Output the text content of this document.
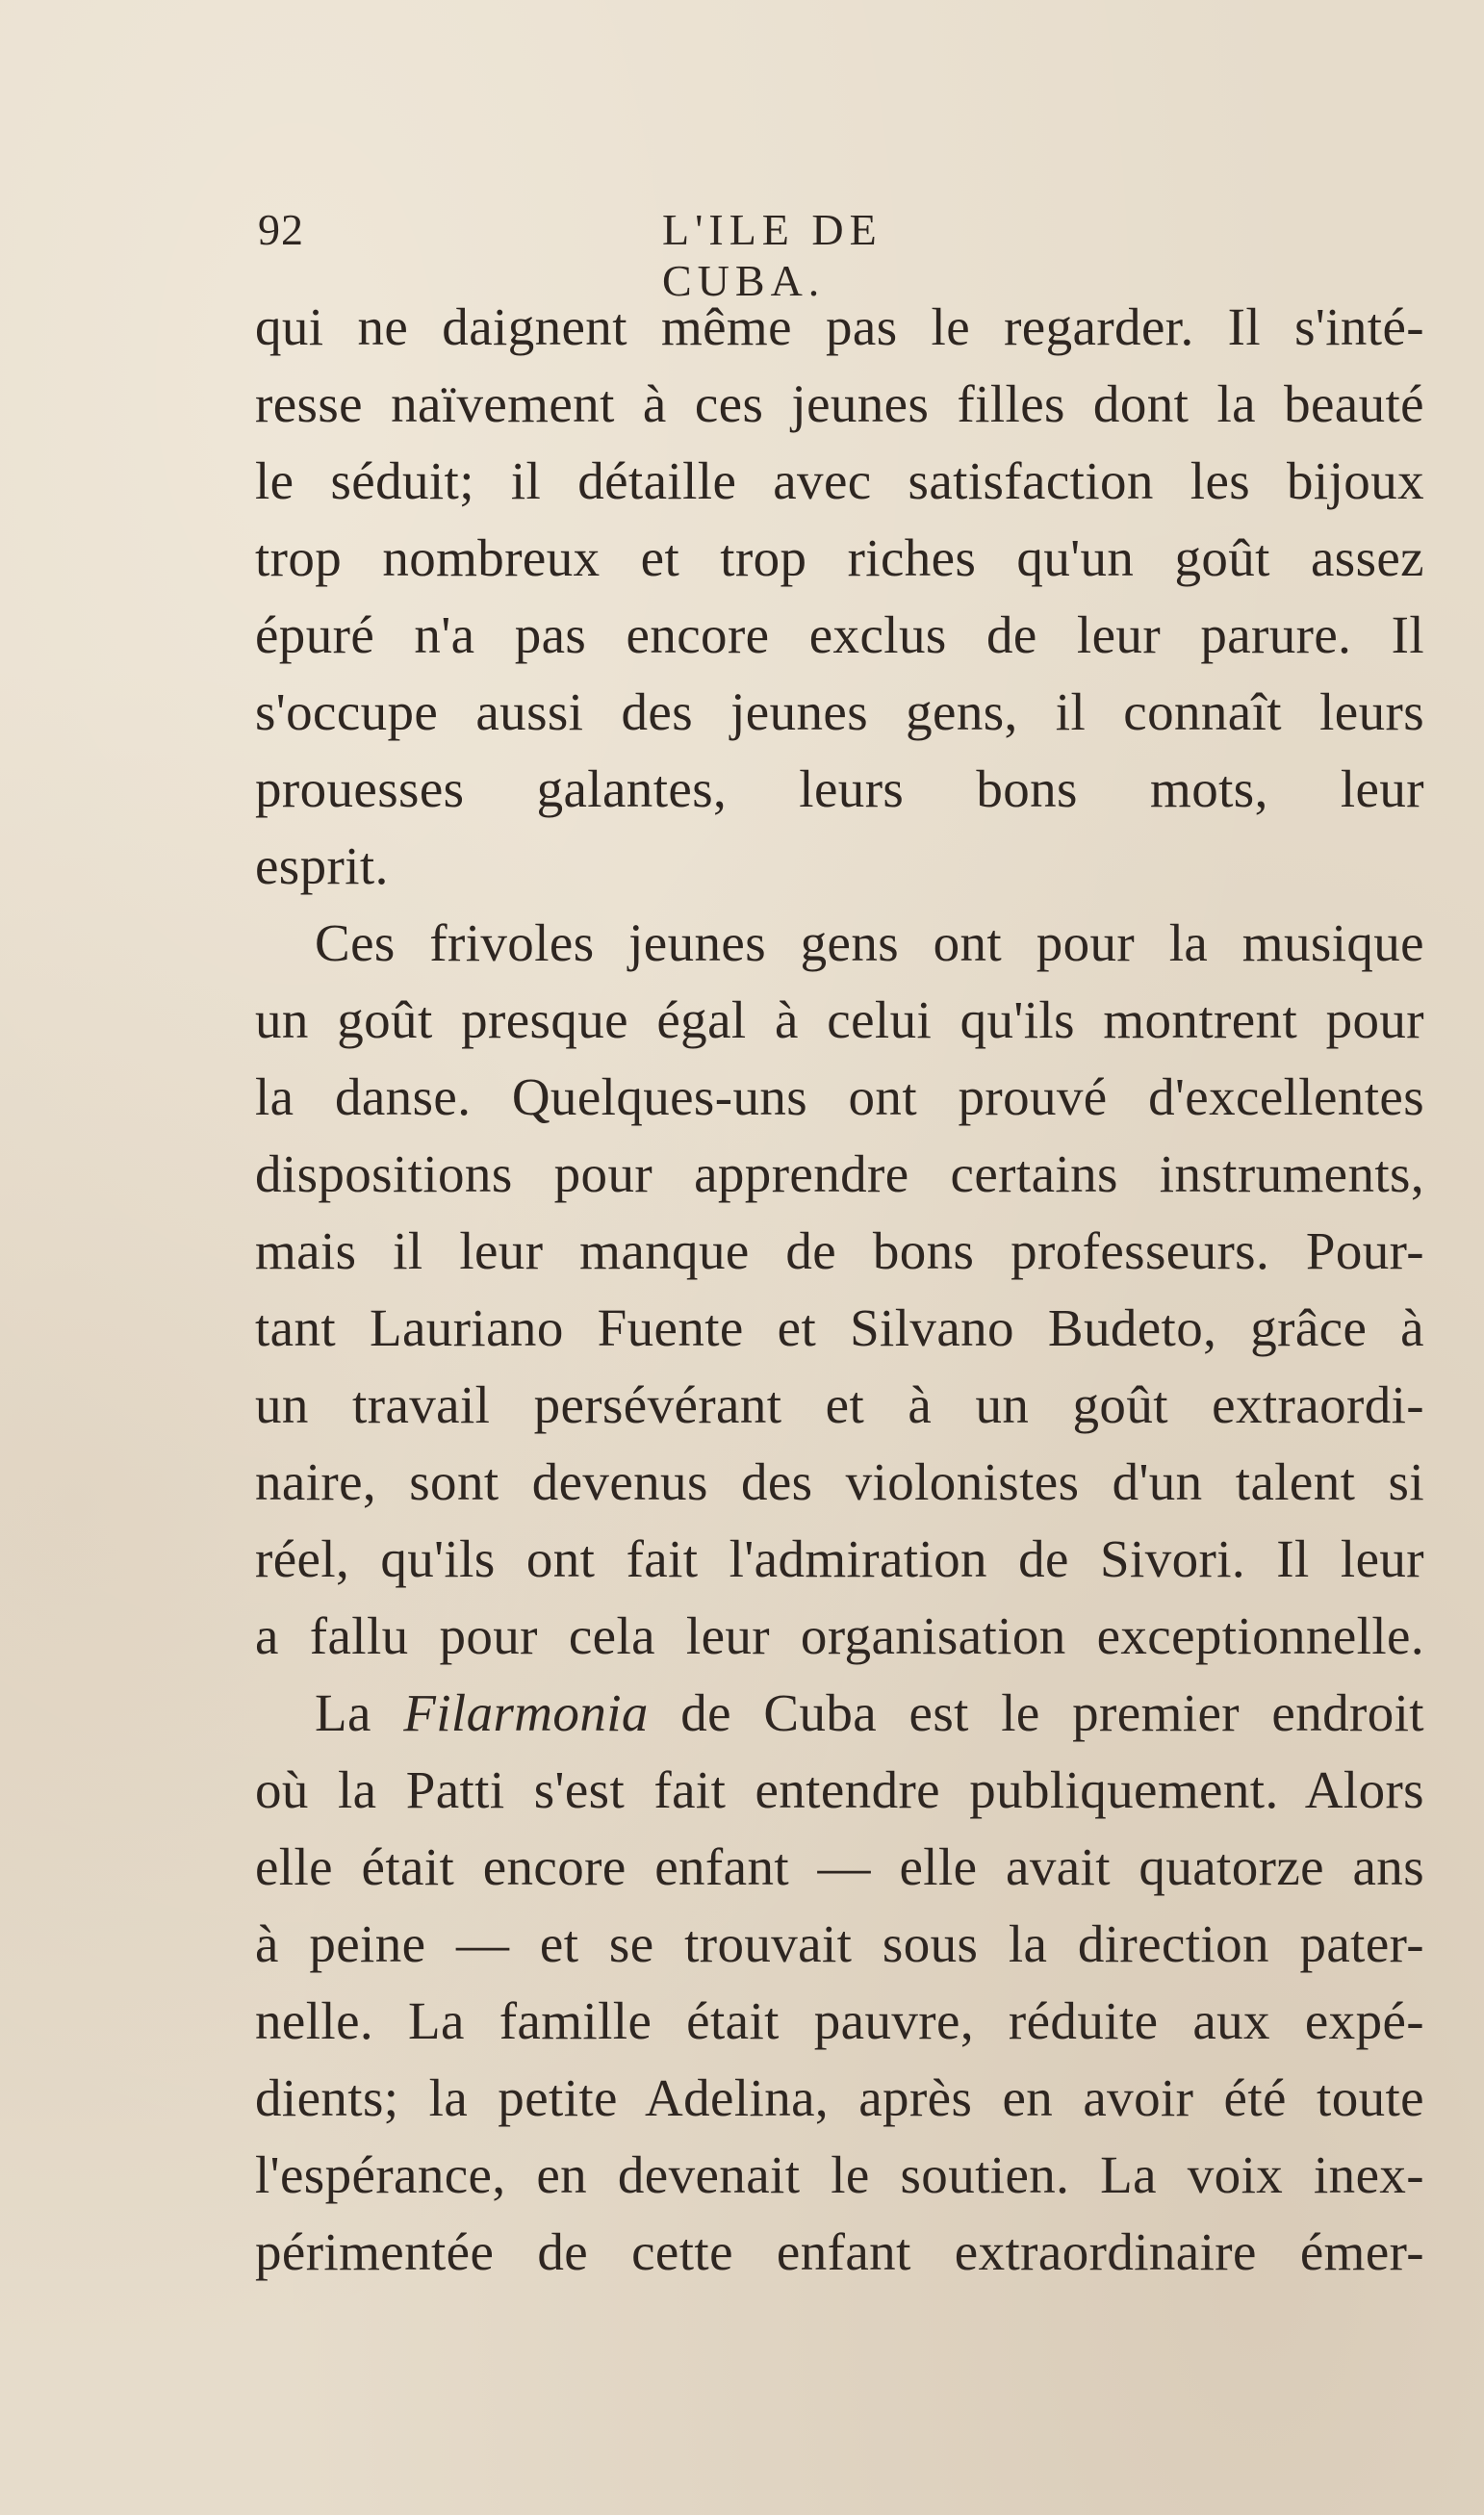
92	L'ILE DE CUBA.
qui ne daignent même pas le regarder. Il s'inté-
resse naïvement à ces jeunes filles dont la beauté
le séduit; il détaille avec satisfaction les bijoux
trop nombreux et trop riches qu'un goût assez
épuré n'a pas encore exclus de leur parure. Il
s'occupe aussi des jeunes gens, il connaît leurs
prouesses galantes, leurs bons mots, leur
esprit.
Ces frivoles jeunes gens ont pour la musique
un goût presque égal à celui qu'ils montrent pour
la danse. Quelques-uns ont prouvé d'excellentes
dispositions pour apprendre certains instruments,
mais il leur manque de bons professeurs. Pour-
tant Lauriano Fuente et Silvano Budeto, grâce à
un travail persévérant et à un goût extraordi-
naire, sont devenus des violonistes d'un talent si
réel, qu'ils ont fait l'admiration de Sivori. Il leur
a fallu pour cela leur organisation exceptionnelle.
La Filarmonia de Cuba est le premier endroit
où la Patti s'est fait entendre publiquement. Alors
elle était encore enfant — elle avait quatorze ans
à peine — et se trouvait sous la direction pater-
nelle. La famille était pauvre, réduite aux expé-
dients; la petite Adelina, après en avoir été toute
l'espérance, en devenait le soutien. La voix inex-
périmentée de cette enfant extraordinaire émer-
